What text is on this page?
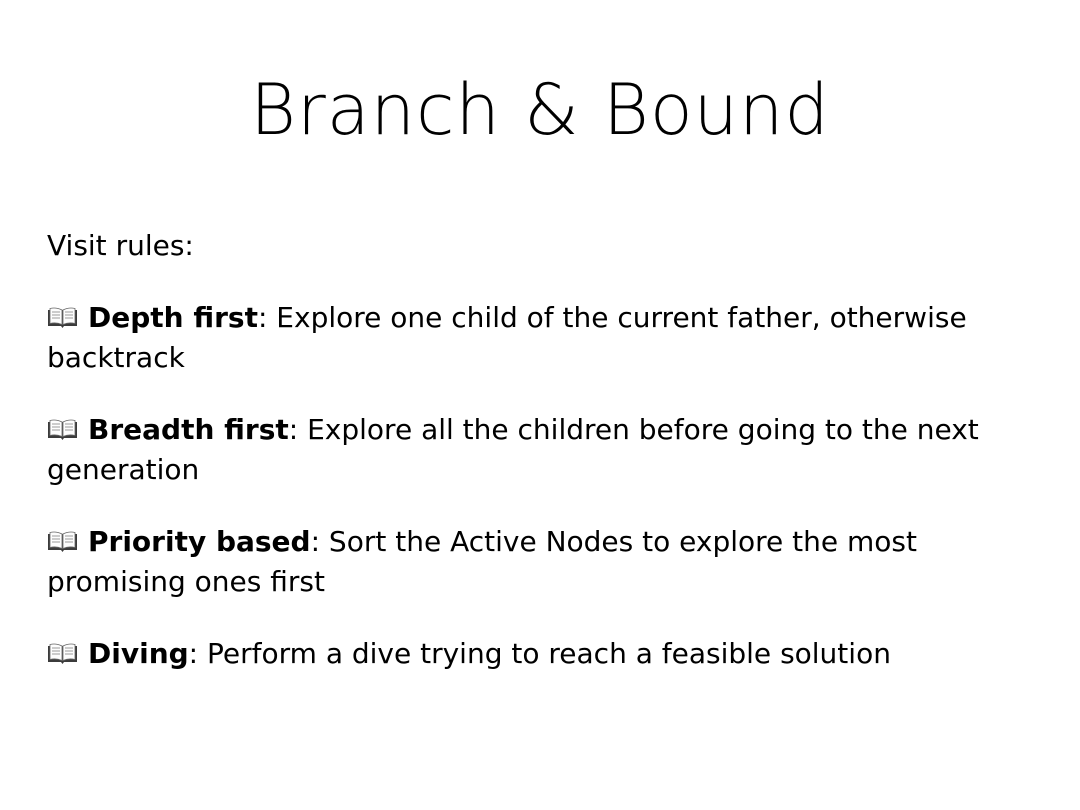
Branch & Bound

Visit rules:

Depth first: Explore one child of the current father, otherwise backtrack

Breadth first: Explore all the children before going to the next generation

Priority based: Sort the Active Nodes to explore the most promising ones first

Diving: Perform a dive trying to reach a feasible solution
